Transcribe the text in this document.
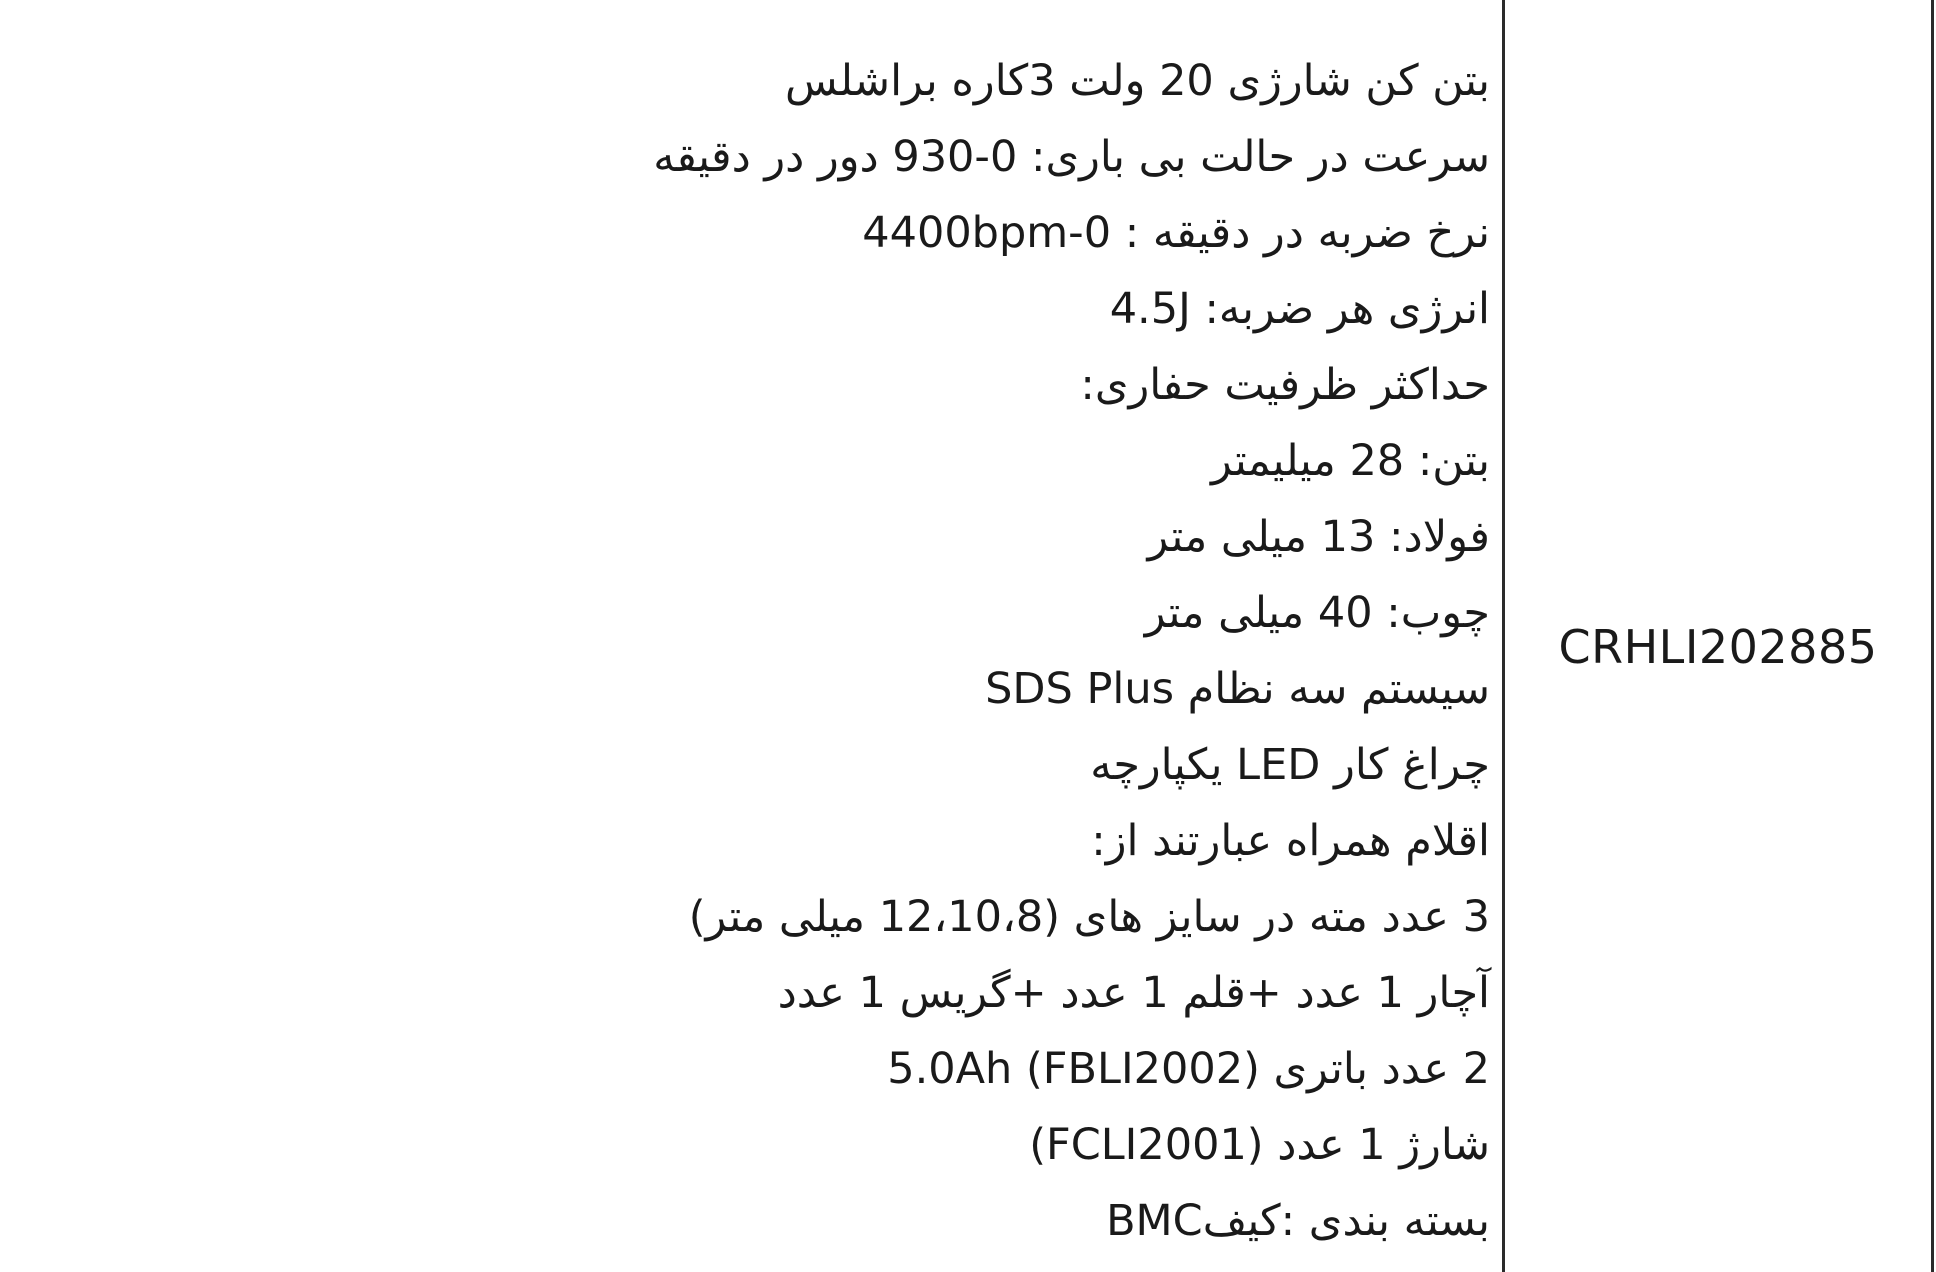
بتن کن شارژی 20 ولت 3کاره براشلس
سرعت در حالت بی باری: 0-930 دور در دقیقه
نرخ ضربه در دقیقه : 0-4400bpm
انرژی هر ضربه: 4.5J
حداکثر ظرفیت حفاری:
بتن: 28 میلیمتر
فولاد: 13 میلی متر
چوب: 40 میلی متر
سیستم سه نظام SDS Plus
چراغ کار LED یکپارچه
اقلام همراه عبارتند از:
3 عدد مته در سایز های (12،10،8 میلی متر)
آچار 1 عدد +قلم 1 عدد +گریس 1 عدد
2 عدد باتری (FBLI2002) 5.0Ah
شارژ 1 عدد (FCLI2001)
بسته بندی :کیفBMC
CRHLI202885
